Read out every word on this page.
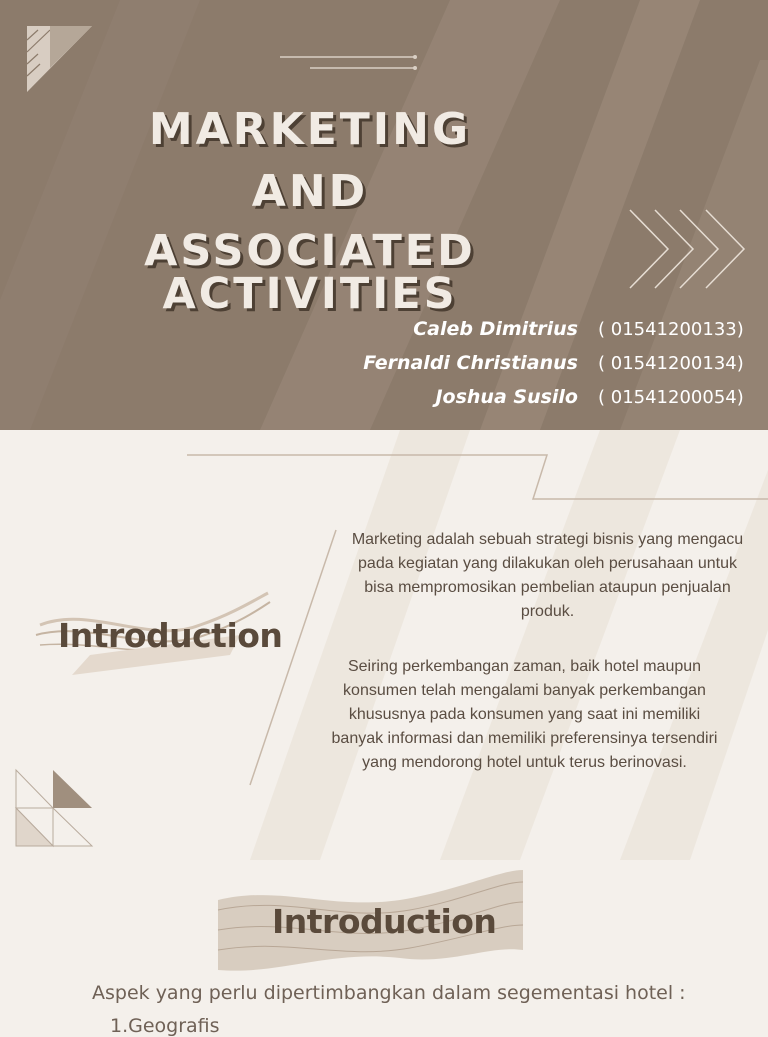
MARKETING
AND
ASSOCIATED ACTIVITIES
Caleb Dimitrius ( 01541200133)
Fernaldi Christianus ( 01541200134)
Joshua Susilo ( 01541200054)
Introduction
Marketing adalah sebuah strategi bisnis yang mengacu pada kegiatan yang dilakukan oleh perusahaan untuk bisa mempromosikan pembelian ataupun penjualan produk.
Seiring perkembangan zaman, baik hotel maupun konsumen telah mengalami banyak perkembangan khususnya pada konsumen yang saat ini memiliki banyak informasi dan memiliki preferensinya tersendiri yang mendorong hotel untuk terus berinovasi.
Introduction
Aspek yang perlu dipertimbangkan dalam segementasi hotel :
1.Geografis
